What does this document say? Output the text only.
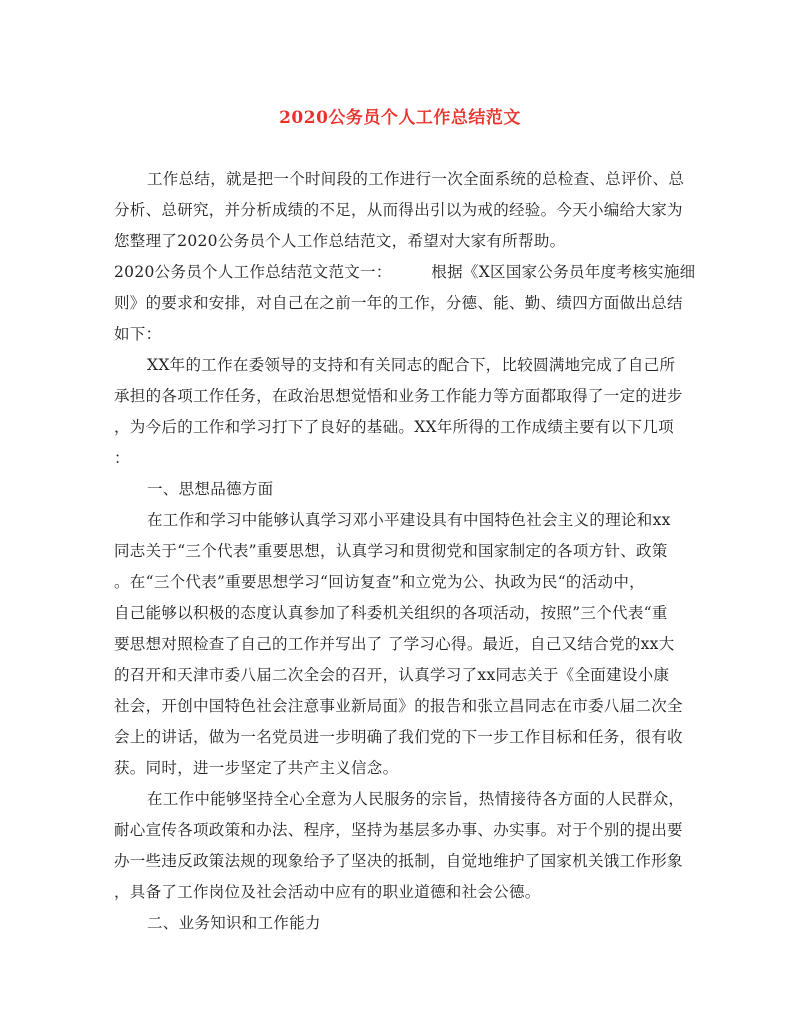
2020公务员个人工作总结范文
工作总结，就是把一个时间段的工作进行一次全面系统的总检查、总评价、总
分析、总研究，并分析成绩的不足，从而得出引以为戒的经验。今天小编给大家为
您整理了2020公务员个人工作总结范文，希望对大家有所帮助。
2020公务员个人工作总结范文范文一：　　　根据《X区国家公务员年度考核实施细
则》的要求和安排，对自己在之前一年的工作，分德、能、勤、绩四方面做出总结
如下：
XX年的工作在委领导的支持和有关同志的配合下，比较圆满地完成了自己所
承担的各项工作任务，在政治思想觉悟和业务工作能力等方面都取得了一定的进步
，为今后的工作和学习打下了良好的基础。XX年所得的工作成绩主要有以下几项
：
一、思想品德方面
在工作和学习中能够认真学习邓小平建设具有中国特色社会主义的理论和xx
同志关于“三个代表”重要思想，认真学习和贯彻党和国家制定的各项方针、政策
。在“三个代表”重要思想学习“回访复查”和立党为公、执政为民“的活动中，
自己能够以积极的态度认真参加了科委机关组织的各项活动，按照”三个代表“重
要思想对照检查了自己的工作并写出了 了学习心得。最近，自己又结合党的xx大
的召开和天津市委八届二次全会的召开，认真学习了xx同志关于《全面建设小康
社会，开创中国特色社会注意事业新局面》的报告和张立昌同志在市委八届二次全
会上的讲话，做为一名党员进一步明确了我们党的下一步工作目标和任务，很有收
获。同时，进一步坚定了共产主义信念。
在工作中能够坚持全心全意为人民服务的宗旨，热情接待各方面的人民群众，
耐心宣传各项政策和办法、程序，坚持为基层多办事、办实事。对于个别的提出要
办一些违反政策法规的现象给予了坚决的抵制，自觉地维护了国家机关饿工作形象
，具备了工作岗位及社会活动中应有的职业道德和社会公德。
二、业务知识和工作能力
